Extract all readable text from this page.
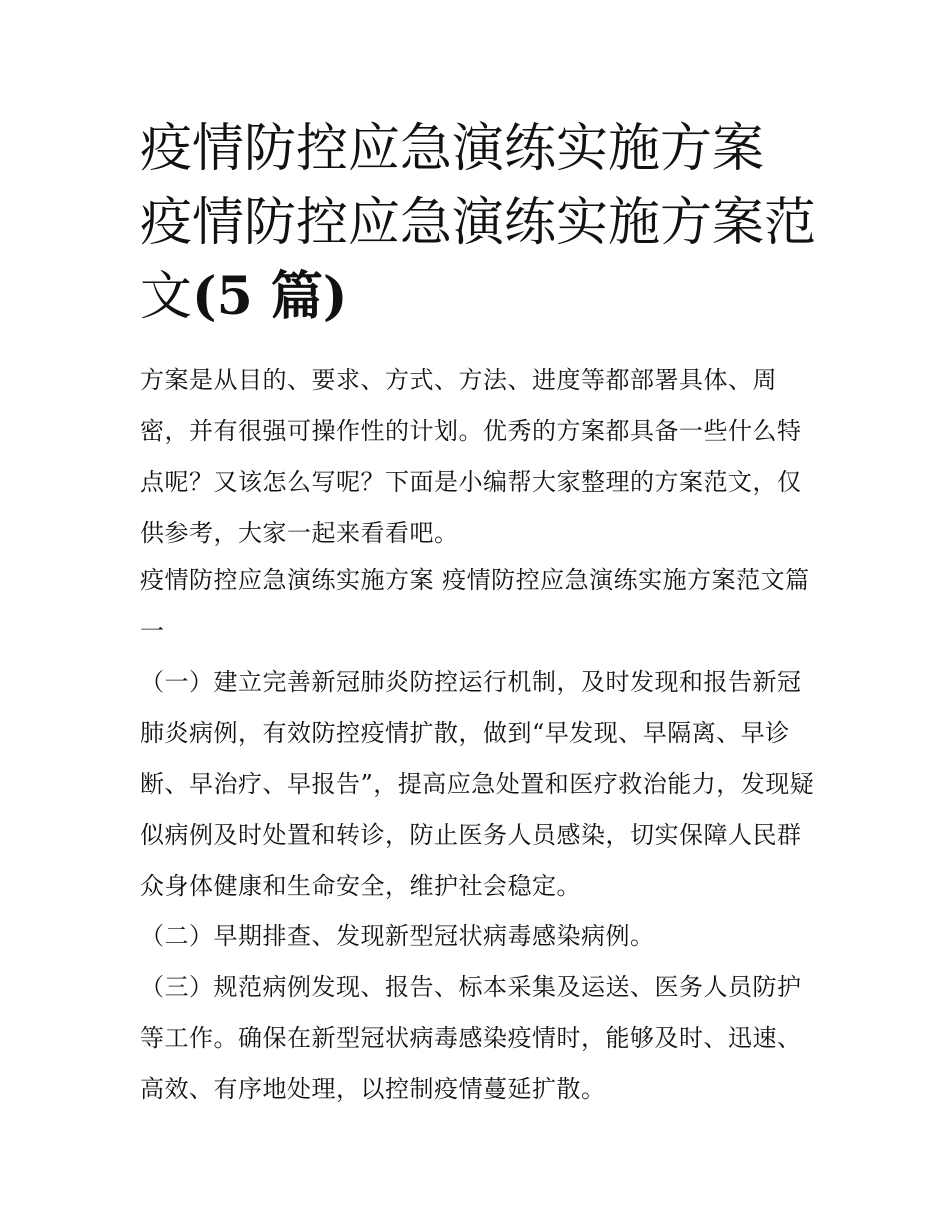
疫情防控应急演练实施方案 疫情防控应急演练实施方案范文(5 篇)

方案是从目的、要求、方式、方法、进度等都部署具体、周密，并有很强可操作性的计划。优秀的方案都具备一些什么特点呢？又该怎么写呢？下面是小编帮大家整理的方案范文，仅供参考，大家一起来看看吧。

疫情防控应急演练实施方案 疫情防控应急演练实施方案范文篇一

（一）建立完善新冠肺炎防控运行机制，及时发现和报告新冠肺炎病例，有效防控疫情扩散，做到“早发现、早隔离、早诊断、早治疗、早报告”，提高应急处置和医疗救治能力，发现疑似病例及时处置和转诊，防止医务人员感染，切实保障人民群众身体健康和生命安全，维护社会稳定。

（二）早期排查、发现新型冠状病毒感染病例。

（三）规范病例发现、报告、标本采集及运送、医务人员防护等工作。确保在新型冠状病毒感染疫情时，能够及时、迅速、高效、有序地处理，以控制疫情蔓延扩散。
